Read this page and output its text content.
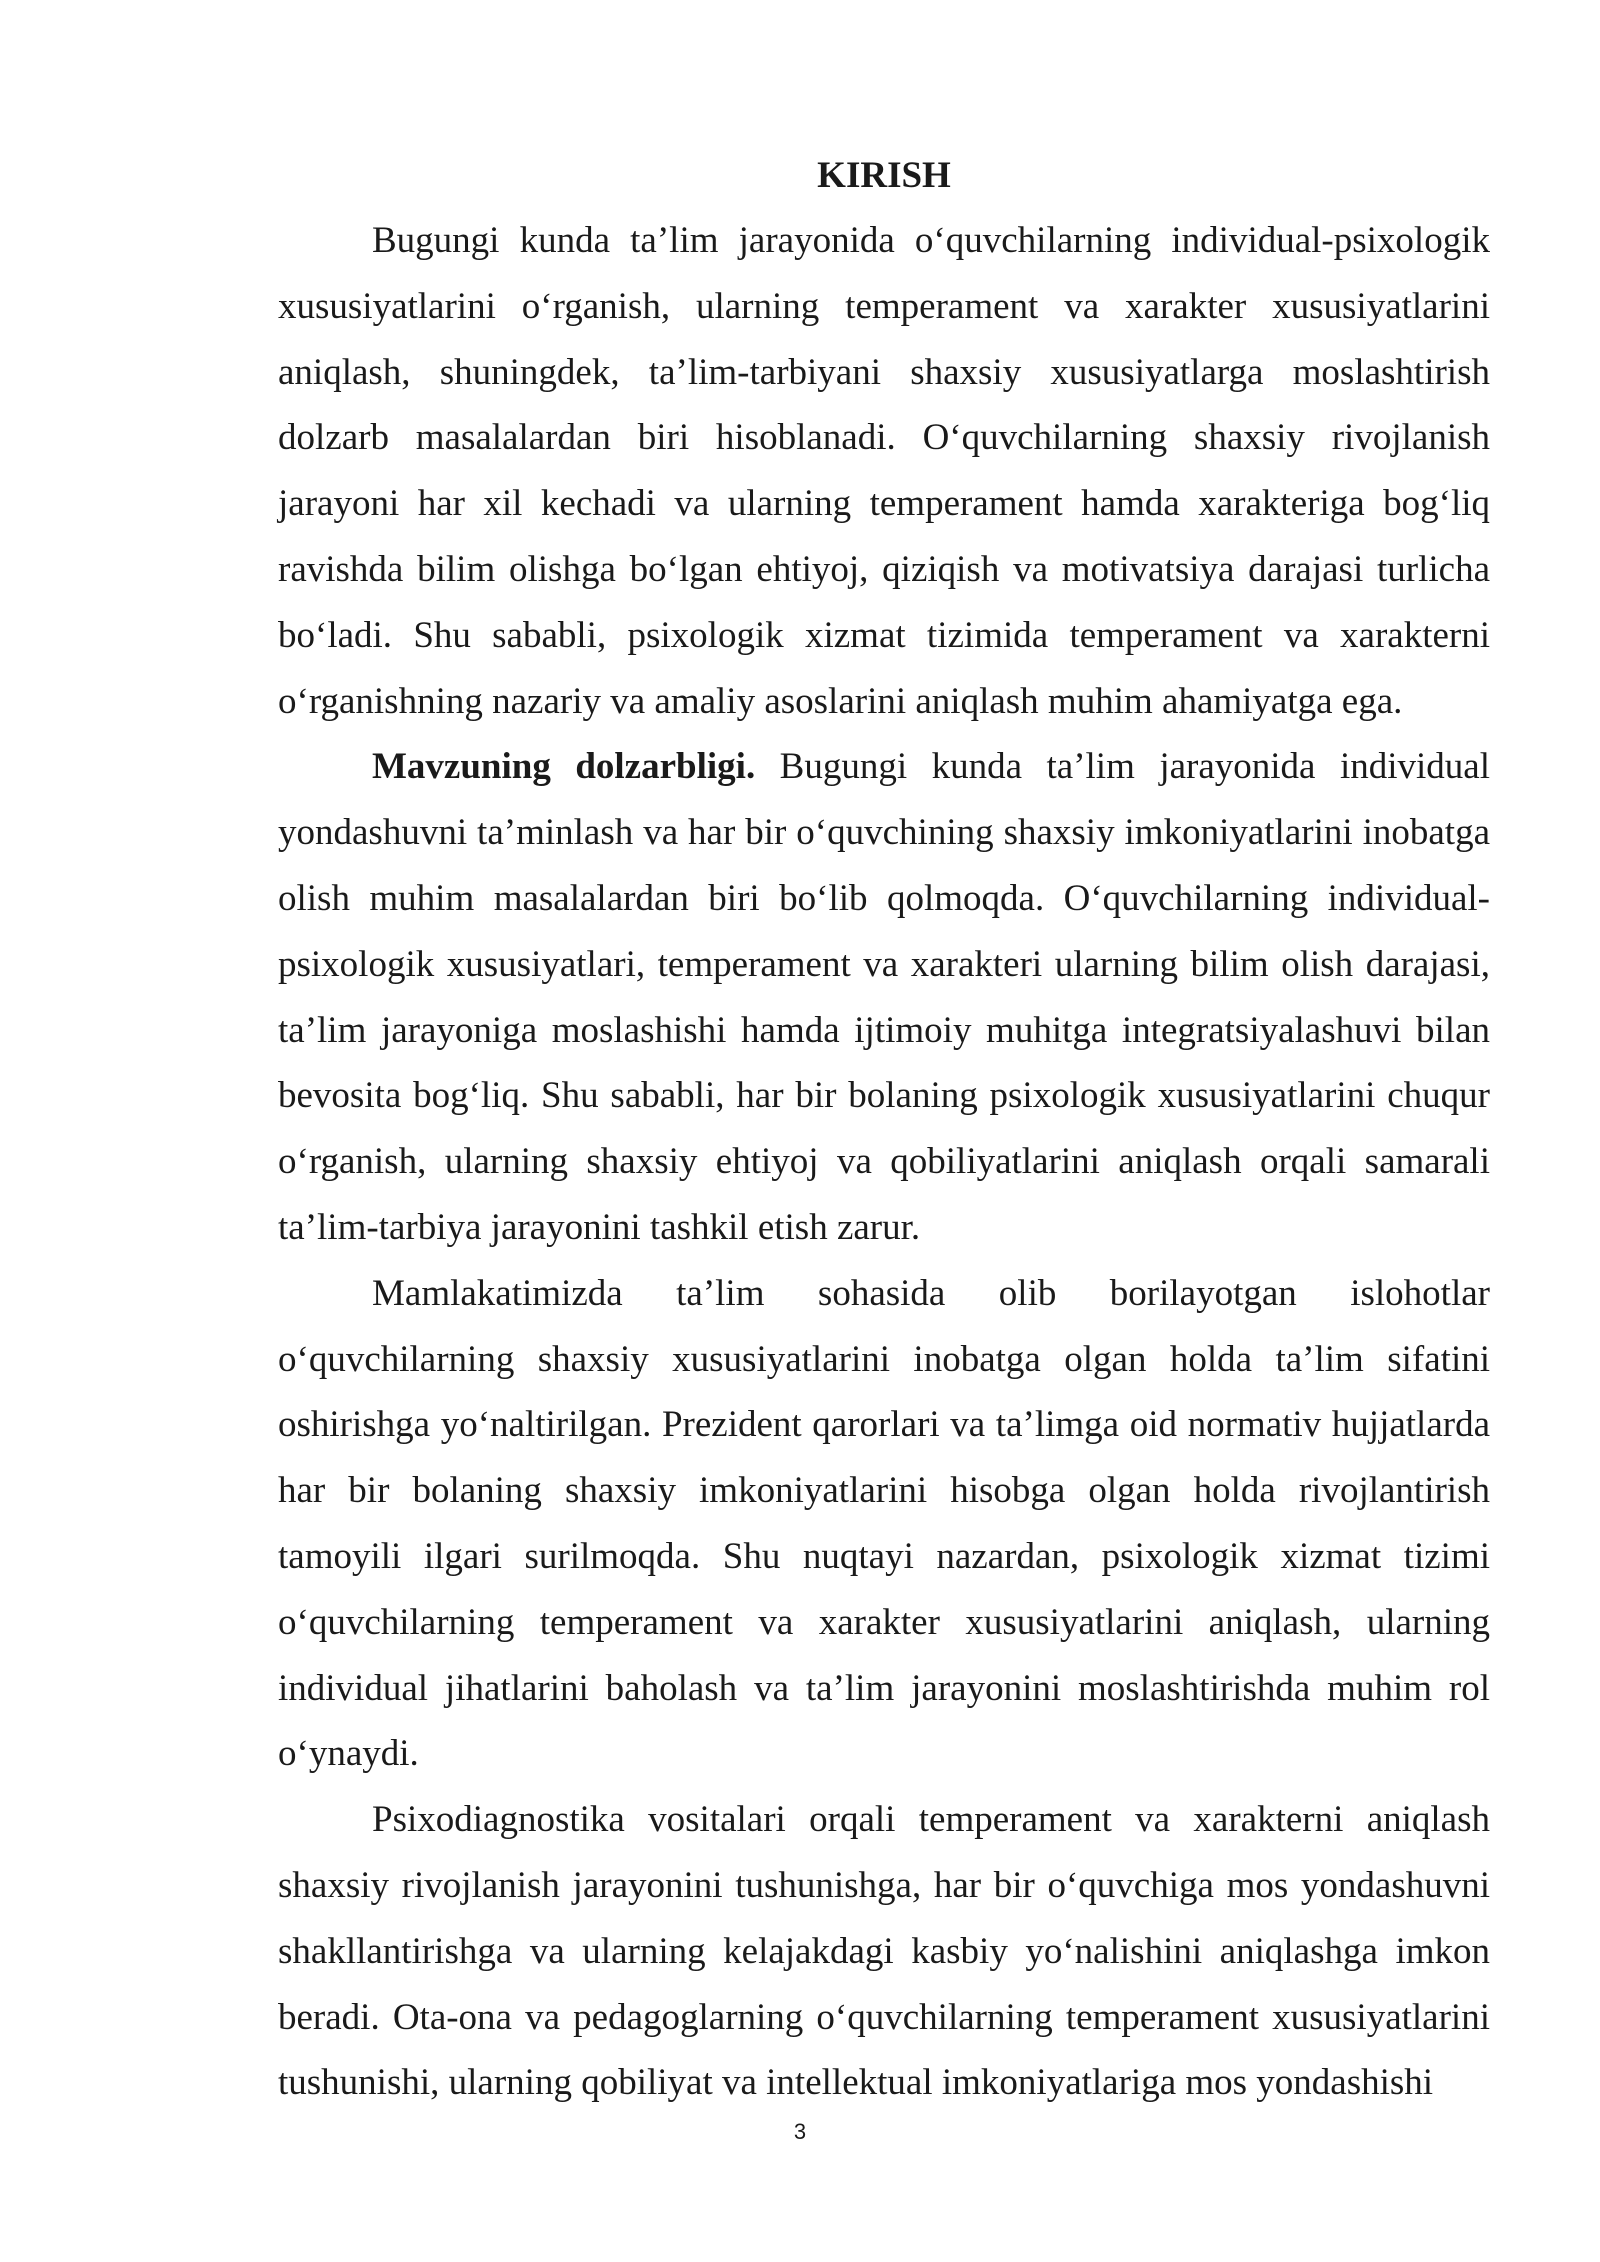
KIRISH

Bugungi kunda ta’lim jarayonida o‘quvchilarning individual-psixologik xususiyatlarini o‘rganish, ularning temperament va xarakter xususiyatlarini aniqlash, shuningdek, ta’lim-tarbiyani shaxsiy xususiyatlarga moslashtirish dolzarb masalalardan biri hisoblanadi. O‘quvchilarning shaxsiy rivojlanish jarayoni har xil kechadi va ularning temperament hamda xarakteriga bog‘liq ravishda bilim olishga bo‘lgan ehtiyoj, qiziqish va motivatsiya darajasi turlicha bo‘ladi. Shu sababli, psixologik xizmat tizimida temperament va xarakterni o‘rganishning nazariy va amaliy asoslarini aniqlash muhim ahamiyatga ega.

Mavzuning dolzarbligi. Bugungi kunda ta’lim jarayonida individual yondashuvni ta’minlash va har bir o‘quvchining shaxsiy imkoniyatlarini inobatga olish muhim masalalardan biri bo‘lib qolmoqda. O‘quvchilarning individual-psixologik xususiyatlari, temperament va xarakteri ularning bilim olish darajasi, ta’lim jarayoniga moslashishi hamda ijtimoiy muhitga integratsiyalashuvi bilan bevosita bog‘liq. Shu sababli, har bir bolaning psixologik xususiyatlarini chuqur o‘rganish, ularning shaxsiy ehtiyoj va qobiliyatlarini aniqlash orqali samarali ta’lim-tarbiya jarayonini tashkil etish zarur.

Mamlakatimizda ta’lim sohasida olib borilayotgan islohotlar o‘quvchilarning shaxsiy xususiyatlarini inobatga olgan holda ta’lim sifatini oshirishga yo‘naltirilgan. Prezident qarorlari va ta’limga oid normativ hujjatlarda har bir bolaning shaxsiy imkoniyatlarini hisobga olgan holda rivojlantirish tamoyili ilgari surilmoqda. Shu nuqtayi nazardan, psixologik xizmat tizimi o‘quvchilarning temperament va xarakter xususiyatlarini aniqlash, ularning individual jihatlarini baholash va ta’lim jarayonini moslashtirishda muhim rol o‘ynaydi.

Psixodiagnostika vositalari orqali temperament va xarakterni aniqlash shaxsiy rivojlanish jarayonini tushunishga, har bir o‘quvchiga mos yondashuvni shakllantirishga va ularning kelajakdagi kasbiy yo‘nalishini aniqlashga imkon beradi. Ota-ona va pedagoglarning o‘quvchilarning temperament xususiyatlarini tushunishi, ularning qobiliyat va intellektual imkoniyatlariga mos yondashishi

3
